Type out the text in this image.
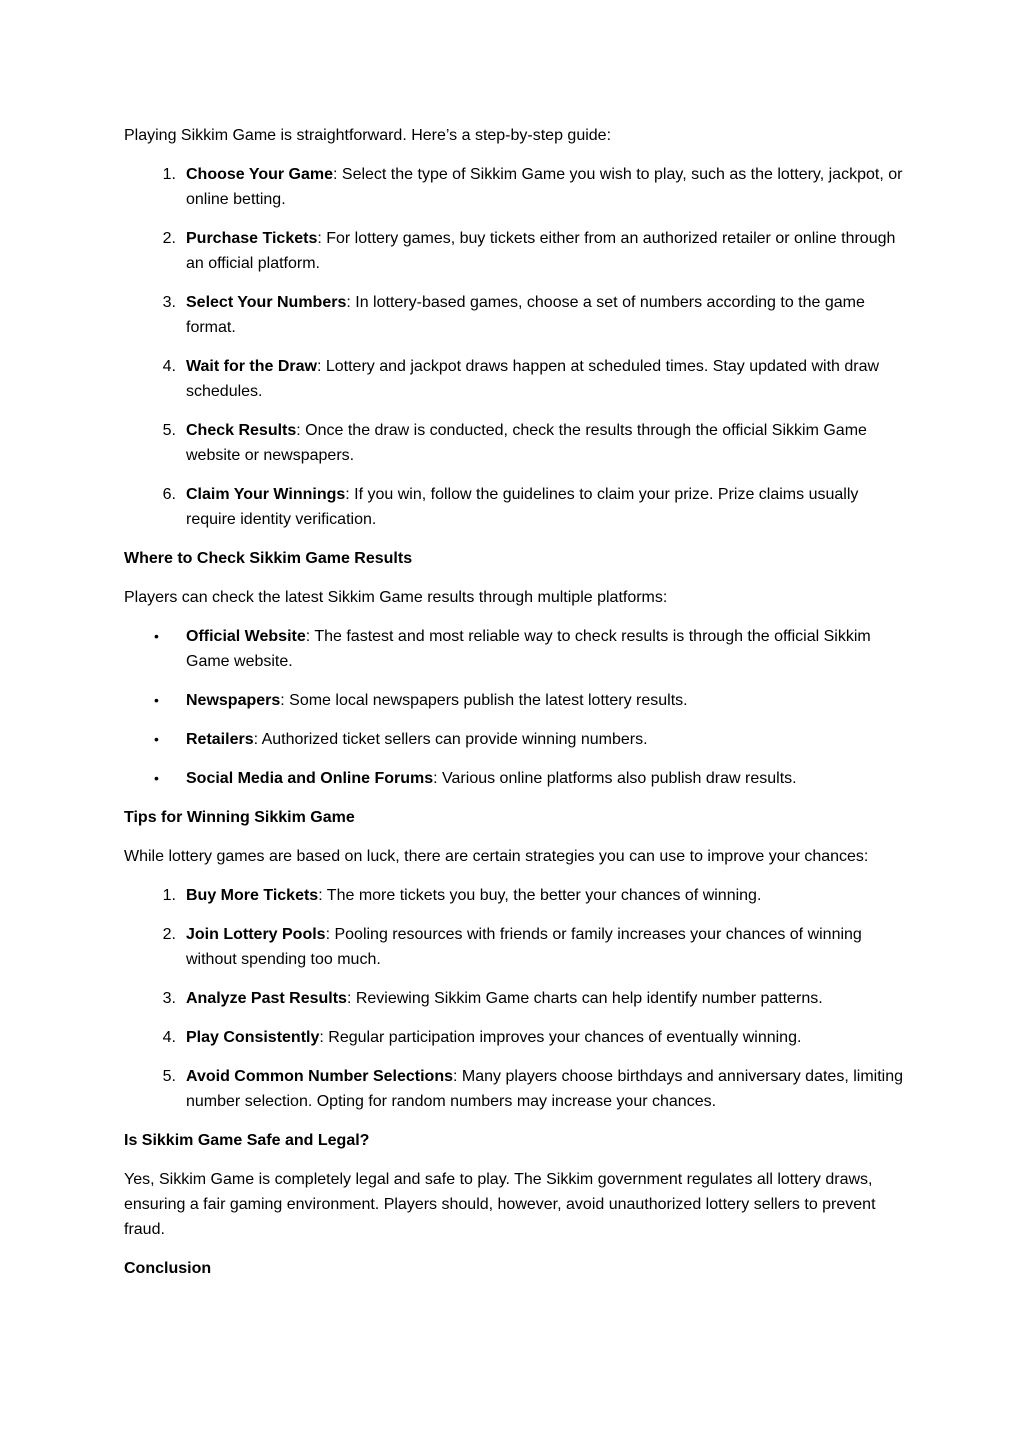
Playing Sikkim Game is straightforward. Here’s a step-by-step guide:

1. Choose Your Game: Select the type of Sikkim Game you wish to play, such as the lottery, jackpot, or online betting.
2. Purchase Tickets: For lottery games, buy tickets either from an authorized retailer or online through an official platform.
3. Select Your Numbers: In lottery-based games, choose a set of numbers according to the game format.
4. Wait for the Draw: Lottery and jackpot draws happen at scheduled times. Stay updated with draw schedules.
5. Check Results: Once the draw is conducted, check the results through the official Sikkim Game website or newspapers.
6. Claim Your Winnings: If you win, follow the guidelines to claim your prize. Prize claims usually require identity verification.

Where to Check Sikkim Game Results

Players can check the latest Sikkim Game results through multiple platforms:

•	Official Website: The fastest and most reliable way to check results is through the official Sikkim Game website.
•	Newspapers: Some local newspapers publish the latest lottery results.
•	Retailers: Authorized ticket sellers can provide winning numbers.
•	Social Media and Online Forums: Various online platforms also publish draw results.

Tips for Winning Sikkim Game

While lottery games are based on luck, there are certain strategies you can use to improve your chances:

1. Buy More Tickets: The more tickets you buy, the better your chances of winning.
2. Join Lottery Pools: Pooling resources with friends or family increases your chances of winning without spending too much.
3. Analyze Past Results: Reviewing Sikkim Game charts can help identify number patterns.
4. Play Consistently: Regular participation improves your chances of eventually winning.
5. Avoid Common Number Selections: Many players choose birthdays and anniversary dates, limiting number selection. Opting for random numbers may increase your chances.

Is Sikkim Game Safe and Legal?

Yes, Sikkim Game is completely legal and safe to play. The Sikkim government regulates all lottery draws, ensuring a fair gaming environment. Players should, however, avoid unauthorized lottery sellers to prevent fraud.

Conclusion
